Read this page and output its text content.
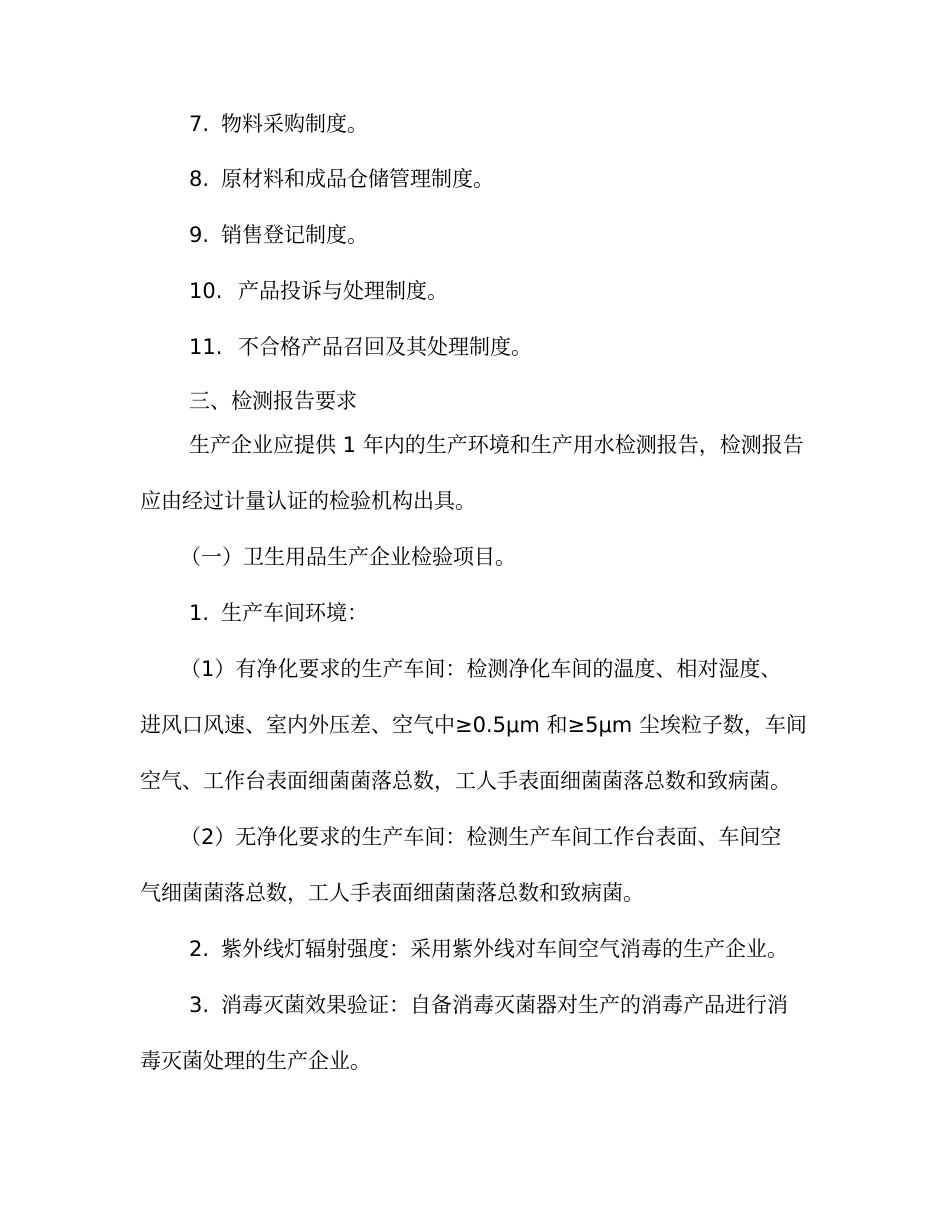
7. 物料采购制度。
8. 原材料和成品仓储管理制度。
9. 销售登记制度。
10. 产品投诉与处理制度。
11. 不合格产品召回及其处理制度。
三、检测报告要求
生产企业应提供 1 年内的生产环境和生产用水检测报告，检测报告
应由经过计量认证的检验机构出具。
（一）卫生用品生产企业检验项目。
1. 生产车间环境：
（1）有净化要求的生产车间：检测净化车间的温度、相对湿度、
进风口风速、室内外压差、空气中≥0.5μm 和≥5μm 尘埃粒子数，车间
空气、工作台表面细菌菌落总数，工人手表面细菌菌落总数和致病菌。
（2）无净化要求的生产车间：检测生产车间工作台表面、车间空
气细菌菌落总数，工人手表面细菌菌落总数和致病菌。
2. 紫外线灯辐射强度：采用紫外线对车间空气消毒的生产企业。
3. 消毒灭菌效果验证：自备消毒灭菌器对生产的消毒产品进行消
毒灭菌处理的生产企业。
